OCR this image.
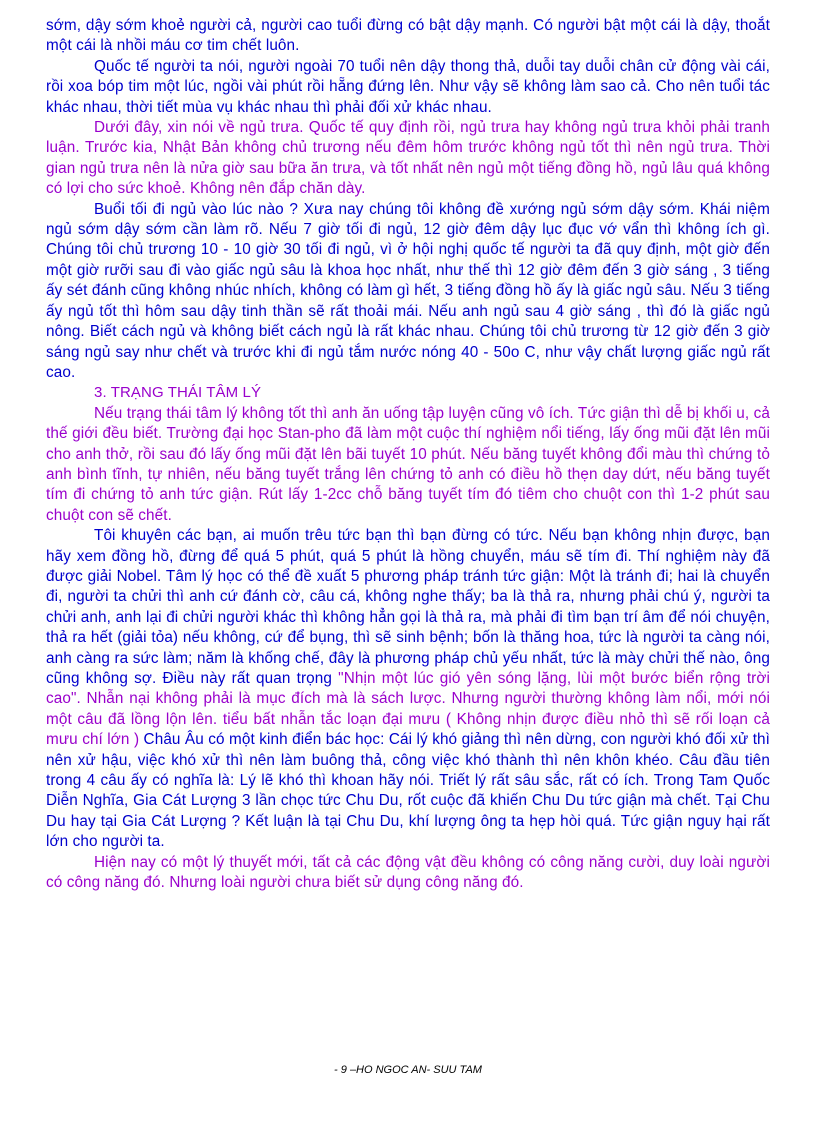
sớm, dậy sớm khoẻ người cả, người cao tuổi đừng có bật dậy mạnh. Có người bật một cái là dậy, thoắt một cái là nhồi máu cơ tim chết luôn.

Quốc tế người ta nói, người ngoài 70 tuổi nên dậy thong thả, duỗi tay duỗi chân cử động vài cái, rồi xoa bóp tim một lúc, ngồi vài phút rồi hẵng đứng lên. Như vậy sẽ không làm sao cả. Cho nên tuổi tác khác nhau, thời tiết mùa vụ khác nhau thì phải đối xử khác nhau.

Dưới đây, xin nói về ngủ trưa. Quốc tế quy định rồi, ngủ trưa hay không ngủ trưa khỏi phải tranh luận. Trước kia, Nhật Bản không chủ trương nếu đêm hôm trước không ngủ tốt thì nên ngủ trưa. Thời gian ngủ trưa nên là nửa giờ sau bữa ăn trưa, và tốt nhất nên ngủ một tiếng đồng hồ, ngủ lâu quá không có lợi cho sức khoẻ. Không nên đắp chăn dày.

Buổi tối đi ngủ vào lúc nào ? Xưa nay chúng tôi không đề xướng ngủ sớm dậy sớm. Khái niệm ngủ sớm dậy sớm cần làm rõ. Nếu 7 giờ tối đi ngủ, 12 giờ đêm dậy lục đục vớ vẩn thì không ích gì. Chúng tôi chủ trương 10 - 10 giờ 30 tối đi ngủ, vì ở hội nghị quốc tế người ta đã quy định, một giờ đến một giờ rưỡi sau đi vào giấc ngủ sâu là khoa học nhất, như thế thì 12 giờ đêm đến 3 giờ sáng , 3 tiếng ấy sét đánh cũng không nhúc nhích, không có làm gì hết, 3 tiếng đồng hồ ấy là giấc ngủ sâu. Nếu 3 tiếng ấy ngủ tốt thì hôm sau dậy tinh thần sẽ rất thoải mái. Nếu anh ngủ sau 4 giờ sáng , thì đó là giấc ngủ nông. Biết cách ngủ và không biết cách ngủ là rất khác nhau. Chúng tôi chủ trương từ 12 giờ đến 3 giờ sáng ngủ say như chết và trước khi đi ngủ tắm nước nóng 40 - 50o C, như vậy chất lượng giấc ngủ rất cao.

3. TRẠNG THÁI TÂM LÝ

Nếu trạng thái tâm lý không tốt thì anh ăn uống tập luyện cũng vô ích. Tức giận thì dễ bị khối u, cả thế giới đều biết. Trường đại học Stan-pho đã làm một cuộc thí nghiệm nổi tiếng, lấy ống mũi đặt lên mũi cho anh thở, rồi sau đó lấy ống mũi đặt lên bãi tuyết 10 phút. Nếu băng tuyết không đổi màu thì chứng tỏ anh bình tĩnh, tự nhiên, nếu băng tuyết trắng lên chứng tỏ anh có điều hồ thẹn day dứt, nếu băng tuyết tím đi chứng tỏ anh tức giận. Rút lấy 1-2cc chỗ băng tuyết tím đó tiêm cho chuột con thì 1-2 phút sau chuột con sẽ chết.

Tôi khuyên các bạn, ai muốn trêu tức bạn thì bạn đừng có tức. Nếu bạn không nhịn được, bạn hãy xem đồng hồ, đừng để quá 5 phút, quá 5 phút là hồng chuyển, máu sẽ tím đi. Thí nghiệm này đã được giải Nobel. Tâm lý học có thể đề xuất 5 phương pháp tránh tức giận: Một là tránh đi; hai là chuyển đi, người ta chửi thì anh cứ đánh cờ, câu cá, không nghe thấy; ba là thả ra, nhưng phải chú ý, người ta chửi anh, anh lại đi chửi người khác thì không hẳn gọi là thả ra, mà phải đi tìm bạn trí âm để nói chuyện, thả ra hết (giải tỏa) nếu không, cứ để bụng, thì sẽ sinh bệnh; bốn là thăng hoa, tức là người ta càng nói, anh càng ra sức làm; năm là khống chế, đây là phương pháp chủ yếu nhất, tức là mày chửi thế nào, ông cũng không sợ. Điều này rất quan trọng "Nhịn một lúc gió yên sóng lặng, lùi một bước biển rộng trời cao". Nhẫn nại không phải là mục đích mà là sách lược. Nhưng người thường không làm nổi, mới nói một câu đã lồng lộn lên. tiểu bất nhẫn tắc loạn đại mưu ( Không nhịn được điều nhỏ thì sẽ rối loạn cả mưu chí lớn ) Châu Âu có một kinh điển bác học: Cái lý khó giảng thì nên dừng, con người khó đối xử thì nên xử hậu, việc khó xử thì nên làm buông thả, công việc khó thành thì nên khôn khéo. Câu đầu tiên trong 4 câu ấy có nghĩa là: Lý lẽ khó thì khoan hãy nói. Triết lý rất sâu sắc, rất có ích. Trong Tam Quốc Diễn Nghĩa, Gia Cát Lượng 3 lần chọc tức Chu Du, rốt cuộc đã khiến Chu Du tức giận mà chết. Tại Chu Du hay tại Gia Cát Lượng ? Kết luận là tại Chu Du, khí lượng ông ta hẹp hòi quá. Tức giận nguy hại rất lớn cho người ta.

Hiện nay có một lý thuyết mới, tất cả các động vật đều không có công năng cười, duy loài người có công năng đó. Nhưng loài người chưa biết sử dụng công năng đó.

- 9 –HO NGOC AN- SUU TAM
